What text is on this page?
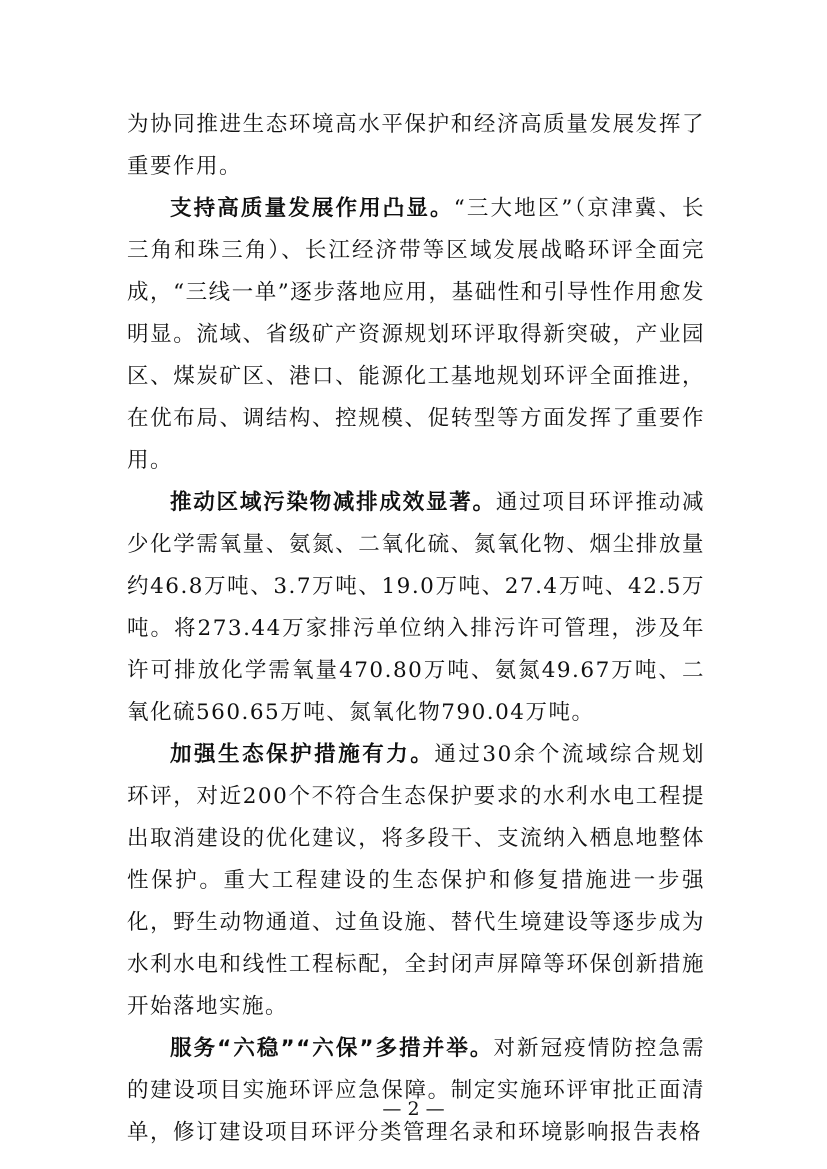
为协同推进生态环境高水平保护和经济高质量发展发挥了重要作用。

支持高质量发展作用凸显。“三大地区”（京津冀、长三角和珠三角）、长江经济带等区域发展战略环评全面完成，“三线一单”逐步落地应用，基础性和引导性作用愈发明显。流域、省级矿产资源规划环评取得新突破，产业园区、煤炭矿区、港口、能源化工基地规划环评全面推进，在优布局、调结构、控规模、促转型等方面发挥了重要作用。

推动区域污染物减排成效显著。通过项目环评推动减少化学需氧量、氨氮、二氧化硫、氮氧化物、烟尘排放量约46.8万吨、3.7万吨、19.0万吨、27.4万吨、42.5万吨。将273.44万家排污单位纳入排污许可管理，涉及年许可排放化学需氧量470.80万吨、氨氮49.67万吨、二氧化硫560.65万吨、氮氧化物790.04万吨。

加强生态保护措施有力。通过30余个流域综合规划环评，对近200个不符合生态保护要求的水利水电工程提出取消建设的优化建议，将多段干、支流纳入栖息地整体性保护。重大工程建设的生态保护和修复措施进一步强化，野生动物通道、过鱼设施、替代生境建设等逐步成为水利水电和线性工程标配，全封闭声屏障等环保创新措施开始落地实施。

服务“六稳”“六保”多措并举。对新冠疫情防控急需的建设项目实施环评应急保障。制定实施环评审批正面清单，修订建设项目环评分类管理名录和环境影响报告表格

— 2 —
